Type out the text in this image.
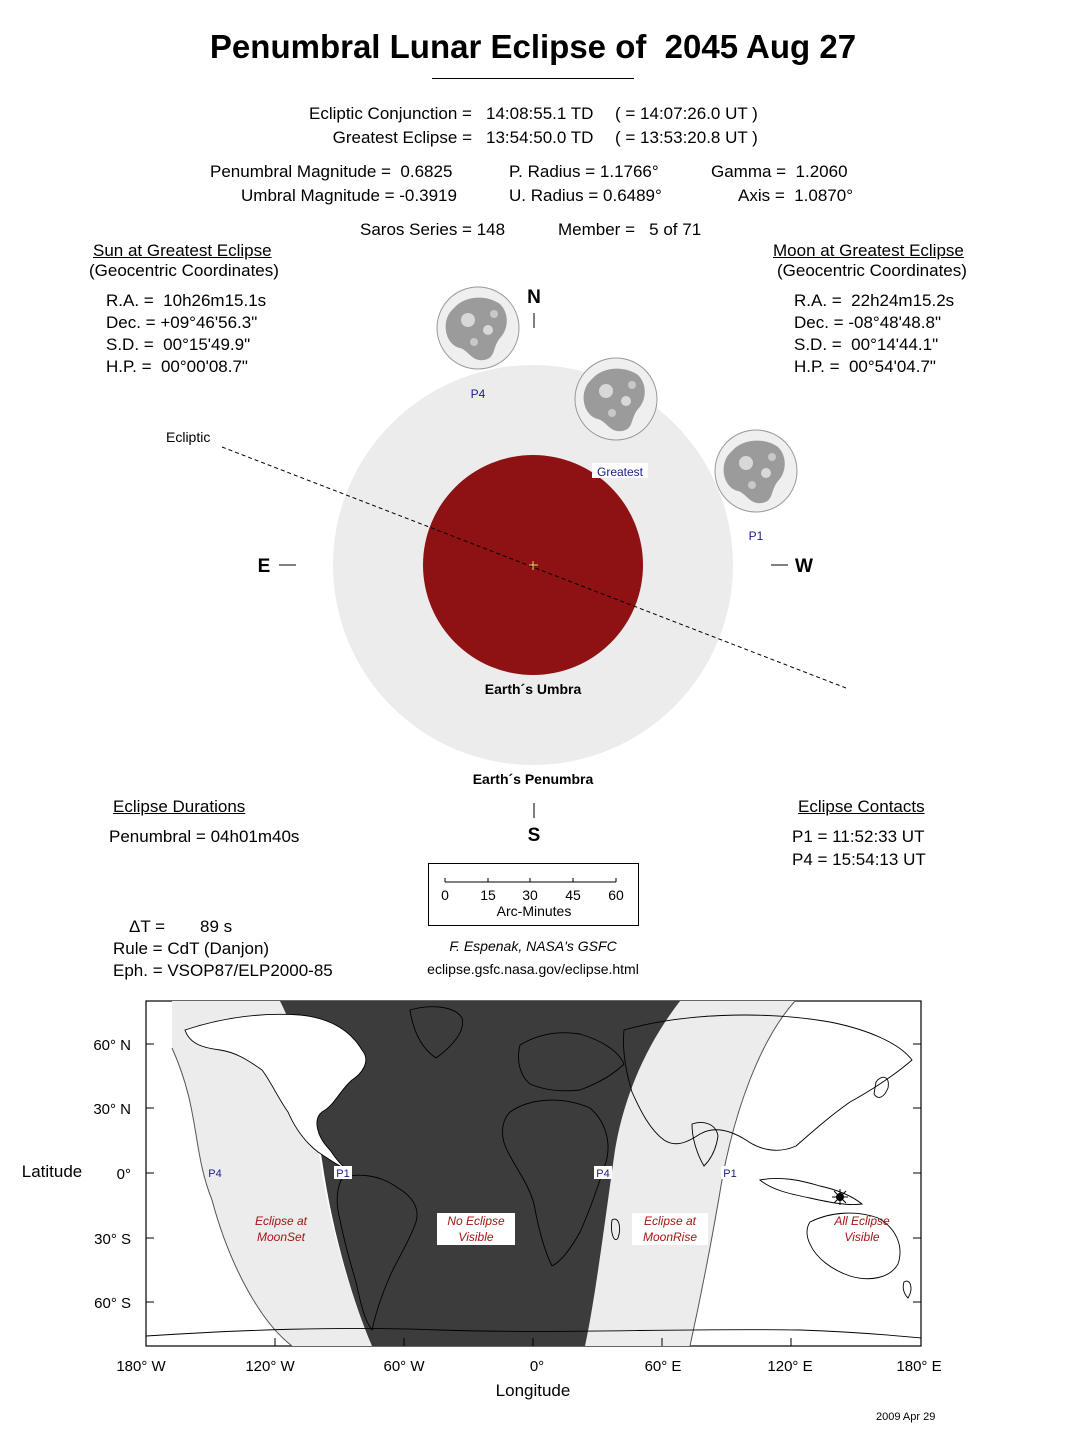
Penumbral Lunar Eclipse of  2045 Aug 27
Ecliptic Conjunction = 14:08:55.1 TD ( = 14:07:26.0 UT )
Greatest Eclipse = 13:54:50.0 TD ( = 13:53:20.8 UT )
Penumbral Magnitude =  0.6825
Umbral Magnitude = -0.3919
P. Radius = 1.1766°
U. Radius = 0.6489°
Gamma =  1.2060
Axis =  1.0870°
Saros Series = 148	Member =   5 of 71
Sun at Greatest Eclipse
(Geocentric Coordinates)
R.A. =  10h26m15.1s
Dec. = +09°46'56.3"
S.D. =  00°15'49.9"
H.P. =  00°00'08.7"
Moon at Greatest Eclipse
(Geocentric Coordinates)
R.A. =  22h24m15.2s
Dec. = -08°48'48.8"
S.D. =  00°14'44.1"
H.P. =  00°54'04.7"
N
S
E	W
Ecliptic
P4
Greatest
P1
Earth´s Umbra
Earth´s Penumbra
Eclipse Durations
Penumbral = 04h01m40s
Eclipse Contacts
P1 = 11:52:33 UT
P4 = 15:54:13 UT
0 15 30 45 60
Arc-Minutes
ΔT = 89 s
Rule = CdT (Danjon)
Eph. = VSOP87/ELP2000-85
F. Espenak, NASA's GSFC
eclipse.gsfc.nasa.gov/eclipse.html
P4	P1	P4	P1
Eclipse at
MoonSet
No Eclipse
Visible
Eclipse at
MoonRise
All Eclipse
Visible
60° N
30° N
0°
30° S
60° S
Latitude
180° W	120° W	60° W	0°	60° E	120° E	180° E
Longitude
2009 Apr 29
